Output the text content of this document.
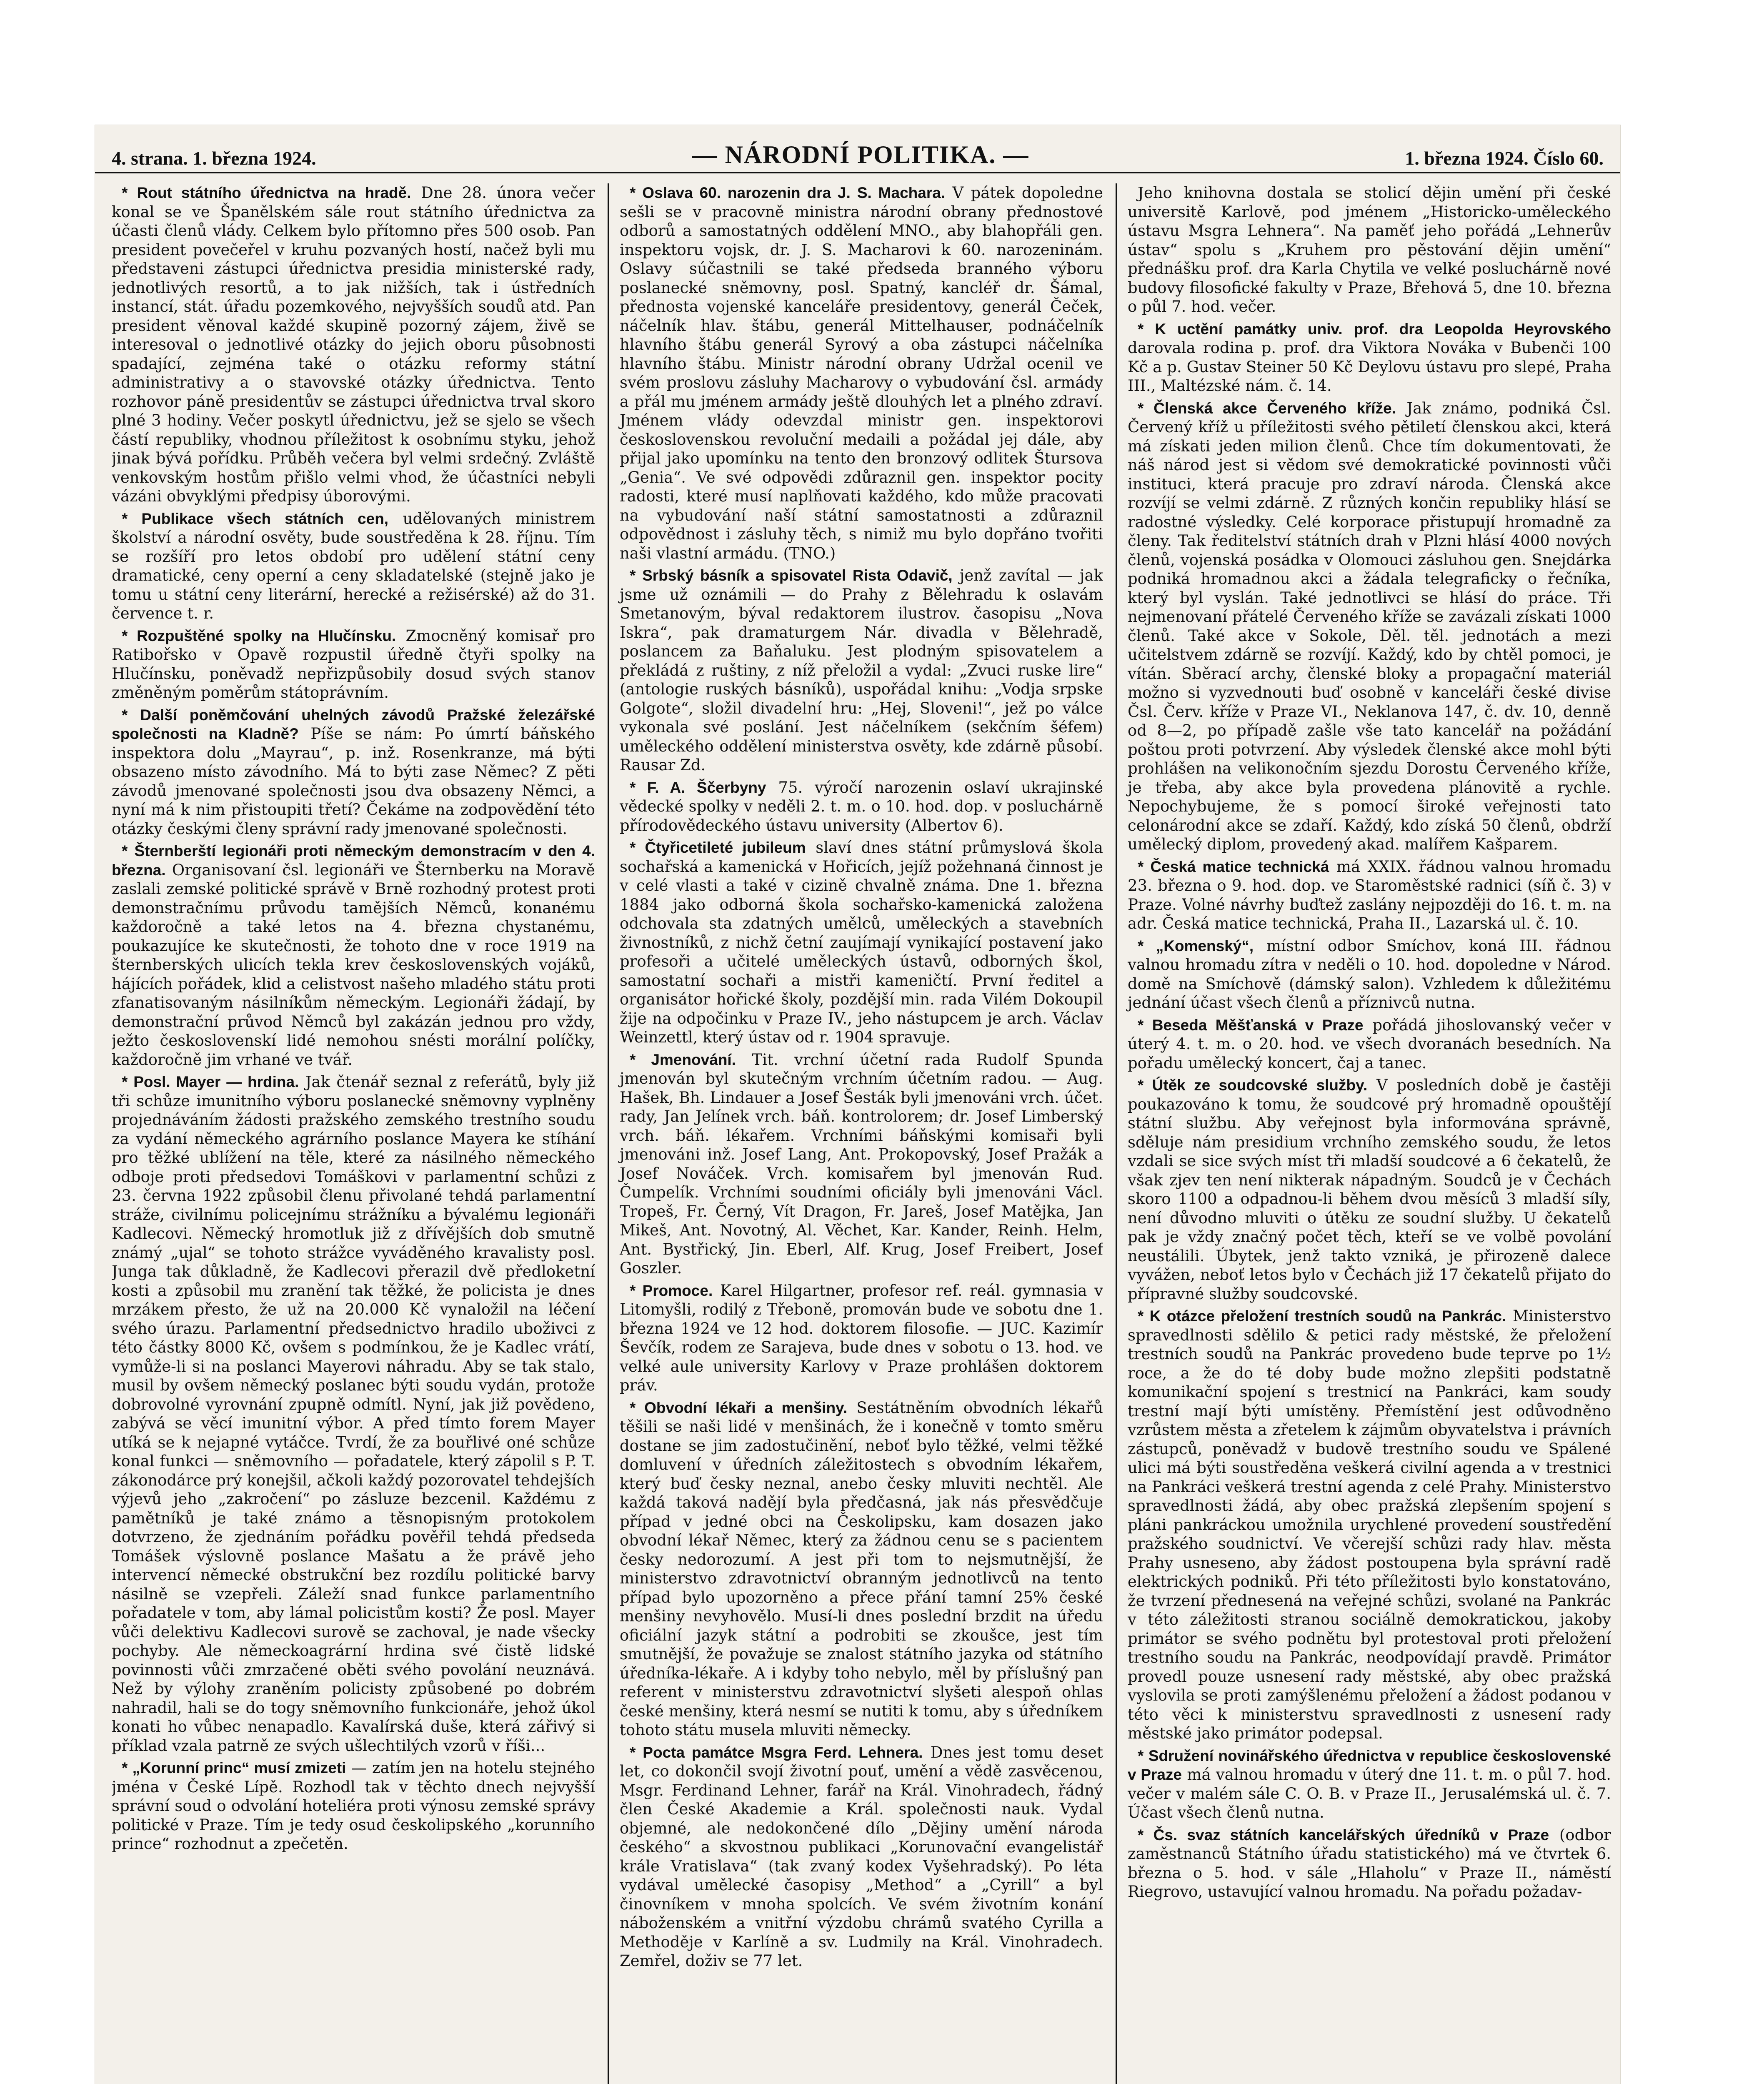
4. strana. 1. března 1924.	— NÁRODNÍ POLITIKA. —	1. března 1924. Číslo 60.

* Rout státního úřednictva na hradě. Dne 28. února večer konal se ve Španělském sále rout státního úřednictva za účasti členů vlády. Celkem bylo přítomno přes 500 osob. Pan president povečeřel v kruhu pozvaných hostí, načež byli mu představeni zástupci úřednictva presidia ministerské rady, jednotlivých resortů, a to jak nižších, tak i ústředních instancí, stát. úřadu pozemkového, nejvyšších soudů atd. Pan president věnoval každé skupině pozorný zájem, živě se interesoval o jednotlivé otázky do jejich oboru působnosti spadající, zejména také o otázku reformy státní administrativy a o stavovské otázky úřednictva. Tento rozhovor páně presidentův se zástupci úřednictva trval skoro plné 3 hodiny. Večer poskytl úřednictvu, jež se sjelo se všech částí republiky, vhodnou příležitost k osobnímu styku, jehož jinak bývá pořídku. Průběh večera byl velmi srdečný. Zvláště venkovským hostům přišlo velmi vhod, že účastníci nebyli vázáni obvyklými předpisy úborovými.

* Publikace všech státních cen, udělovaných ministrem školství a národní osvěty, bude soustředěna k 28. říjnu. Tím se rozšíří pro letos období pro udělení státní ceny dramatické, ceny operní a ceny skladatelské (stejně jako je tomu u státní ceny literární, herecké a režisérské) až do 31. července t. r.

* Rozpuštěné spolky na Hlučínsku. Zmocněný komisař pro Ratibořsko v Opavě rozpustil úředně čtyři spolky na Hlučínsku, poněvadž nepřizpůsobily dosud svých stanov změněným poměrům státoprávním.

* Další poněmčování uhelných závodů Pražské železářské společnosti na Kladně? Píše se nám: Po úmrtí báňského inspektora dolu „Mayrau“, p. inž. Rosenkranze, má býti obsazeno místo závodního. Má to býti zase Němec? Z pěti závodů jmenované společnosti jsou dva obsazeny Němci, a nyní má k nim přistoupiti třetí? Čekáme na zodpovědění této otázky českými členy správní rady jmenované společnosti.

* Šternberští legionáři proti německým demonstracím v den 4. března. Organisovaní čsl. legionáři ve Šternberku na Moravě zaslali zemské politické správě v Brně rozhodný protest proti demonstračnímu průvodu tamějších Němců, konanému každoročně a také letos na 4. března chystanému, poukazujíce ke skutečnosti, že tohoto dne v roce 1919 na šternberských ulicích tekla krev československých vojáků, hájících pořádek, klid a celistvost našeho mladého státu proti zfanatisovaným násilníkům německým. Legionáři žádají, by demonstrační průvod Němců byl zakázán jednou pro vždy, ježto československí lidé nemohou snésti morální políčky, každoročně jim vrhané ve tvář.

* Posl. Mayer — hrdina. Jak čtenář seznal z referátů, byly již tři schůze imunitního výboru poslanecké sněmovny vyplněny projednáváním žádosti pražského zemského trestního soudu za vydání německého agrárního poslance Mayera ke stíhání pro těžké ublížení na těle, které za násilného německého odboje proti předsedovi Tomáškovi v parlamentní schůzi z 23. června 1922 způsobil členu přivolané tehdá parlamentní stráže, civilnímu policejnímu strážníku a bývalému legionáři Kadlecovi. Německý hromotluk již z dřívějších dob smutně známý „ujal“ se tohoto strážce vyváděného kravalisty posl. Junga tak důkladně, že Kadlecovi přerazil dvě předloketní kosti a způsobil mu zranění tak těžké, že policista je dnes mrzákem přesto, že už na 20.000 Kč vynaložil na léčení svého úrazu. Parlamentní předsednictvo hradilo uboživci z této částky 8000 Kč, ovšem s podmínkou, že je Kadlec vrátí, vymůže-li si na poslanci Mayerovi náhradu. Aby se tak stalo, musil by ovšem německý poslanec býti soudu vydán, protože dobrovolné vyrovnání zpupně odmítl. Nyní, jak již povědeno, zabývá se věcí imunitní výbor. A před tímto forem Mayer utíká se k nejapné vytáčce. Tvrdí, že za bouřlivé oné schůze konal funkci — sněmovního — pořadatele, který zápolil s P. T. zákonodárce prý konejšil, ačkoli každý pozorovatel tehdejších výjevů jeho „zakročení“ po zásluze bezcenil. Každému z pamětníků je také známo a těsnopisným protokolem dotvrzeno, že zjednáním pořádku pověřil tehdá předseda Tomášek výslovně poslance Mašatu a že právě jeho intervencí německé obstrukční bez rozdílu politické barvy násilně se vzepřeli. Záleží snad funkce parlamentního pořadatele v tom, aby lámal policistům kosti? Že posl. Mayer vůči delektivu Kadlecovi surově se zachoval, je nade všecky pochyby. Ale německoagrární hrdina své čistě lidské povinnosti vůči zmrzačené oběti svého povolání neuznává. Než by výlohy zraněním policisty způsobené po dobrém nahradil, hali se do togy sněmovního funkcionáře, jehož úkol konati ho vůbec nenapadlo. Kavalírská duše, která zářivý si příklad vzala patrně ze svých ušlechtilých vzorů v říši...

* „Korunní princ“ musí zmizeti — zatím jen na hotelu stejného jména v České Lípě. Rozhodl tak v těchto dnech nejvyšší správní soud o odvolání hoteliéra proti výnosu zemské správy politické v Praze. Tím je tedy osud českolipského „korunního prince“ rozhodnut a zpečetěn.

* Oslava 60. narozenin dra J. S. Machara. V pátek dopoledne sešli se v pracovně ministra národní obrany přednostové odborů a samostatných oddělení MNO., aby blahopřáli gen. inspektoru vojsk, dr. J. S. Macharovi k 60. narozeninám. Oslavy súčastnili se také předseda branného výboru poslanecké sněmovny, posl. Spatný, kancléř dr. Šámal, přednosta vojenské kanceláře presidentovy, generál Čeček, náčelník hlav. štábu, generál Mittelhauser, podnáčelník hlavního štábu generál Syrový a oba zástupci náčelníka hlavního štábu. Ministr národní obrany Udržal ocenil ve svém proslovu zásluhy Macharovy o vybudování čsl. armády a přál mu jménem armády ještě dlouhých let a plného zdraví. Jménem vlády odevzdal ministr gen. inspektorovi československou revoluční medaili a požádal jej dále, aby přijal jako upomínku na tento den bronzový odlitek Štursova „Genia“. Ve své odpovědi zdůraznil gen. inspektor pocity radosti, které musí naplňovati každého, kdo může pracovati na vybudování naší státní samostatnosti a zdůraznil odpovědnost i zásluhy těch, s nimiž mu bylo dopřáno tvořiti naši vlastní armádu. (TNO.)

* Srbský básník a spisovatel Rista Odavič, jenž zavítal — jak jsme už oznámili — do Prahy z Bělehradu k oslavám Smetanovým, býval redaktorem ilustrov. časopisu „Nova Iskra“, pak dramaturgem Nár. divadla v Bělehradě, poslancem za Baňaluku. Jest plodným spisovatelem a překládá z ruštiny, z níž přeložil a vydal: „Zvuci ruske lire“ (antologie ruských básníků), uspořádal knihu: „Vodja srpske Golgote“, složil divadelní hru: „Hej, Sloveni!“, jež po válce vykonala své poslání. Jest náčelníkem (sekčním šéfem) uměleckého oddělení ministerstva osvěty, kde zdárně působí. Rausar Zd.

* F. A. Ščerbyny 75. výročí narozenin oslaví ukrajinské vědecké spolky v neděli 2. t. m. o 10. hod. dop. v posluchárně přírodovědeckého ústavu university (Albertov 6).

* Čtyřicetileté jubileum slaví dnes státní průmyslová škola sochařská a kamenická v Hořicích, jejíž požehnaná činnost je v celé vlasti a také v cizině chvalně známa. Dne 1. března 1884 jako odborná škola sochařsko-kamenická založena odchovala sta zdatných umělců, uměleckých a stavebních živnostníků, z nichž četní zaujímají vynikající postavení jako profesoři a učitelé uměleckých ústavů, odborných škol, samostatní sochaři a mistři kameničtí. První ředitel a organisátor hořické školy, pozdější min. rada Vilém Dokoupil žije na odpočinku v Praze IV., jeho nástupcem je arch. Václav Weinzettl, který ústav od r. 1904 spravuje.

* Jmenování. Tit. vrchní účetní rada Rudolf Spunda jmenován byl skutečným vrchním účetním radou. — Aug. Hašek, Bh. Lindauer a Josef Šesták byli jmenováni vrch. účet. rady, Jan Jelínek vrch. báň. kontrolorem; dr. Josef Limberský vrch. báň. lékařem. Vrchními báňskými komisaři byli jmenováni inž. Josef Lang, Ant. Prokopovský, Josef Pražák a Josef Nováček. Vrch. komisařem byl jmenován Rud. Čumpelík. Vrchními soudními oficiály byli jmenováni Václ. Tropeš, Fr. Černý, Vít Dragon, Fr. Jareš, Josef Matějka, Jan Mikeš, Ant. Novotný, Al. Věchet, Kar. Kander, Reinh. Helm, Ant. Bystřický, Jin. Eberl, Alf. Krug, Josef Freibert, Josef Goszler.

* Promoce. Karel Hilgartner, profesor ref. reál. gymnasia v Litomyšli, rodilý z Třeboně, promován bude ve sobotu dne 1. března 1924 ve 12 hod. doktorem filosofie. — JUC. Kazimír Ševčík, rodem ze Sarajeva, bude dnes v sobotu o 13. hod. ve velké aule university Karlovy v Praze prohlášen doktorem práv.

* Obvodní lékaři a menšiny. Sestátněním obvodních lékařů těšili se naši lidé v menšinách, že i konečně v tomto směru dostane se jim zadostučinění, neboť bylo těžké, velmi těžké domluvení v úředních záležitostech s obvodním lékařem, který buď česky neznal, anebo česky mluviti nechtěl. Ale každá taková nadějí byla předčasná, jak nás přesvědčuje případ v jedné obci na Českolipsku, kam dosazen jako obvodní lékař Němec, který za žádnou cenu se s pacientem česky nedorozumí. A jest při tom to nejsmutnější, že ministerstvo zdravotnictví obranným jednotlivců na tento případ bylo upozorněno a přece přání tamní 25% české menšiny nevyhovělo. Musí-li dnes poslední brzdit na úředu oficiální jazyk státní a podrobiti se zkoušce, jest tím smutnější, že považuje se znalost státního jazyka od státního úředníka-lékaře. A i kdyby toho nebylo, měl by příslušný pan referent v ministerstvu zdravotnictví slyšeti alespoň ohlas české menšiny, která nesmí se nutiti k tomu, aby s úředníkem tohoto státu musela mluviti německy.

* Pocta památce Msgra Ferd. Lehnera. Dnes jest tomu deset let, co dokončil svojí životní pouť, umění a vědě zasvěcenou, Msgr. Ferdinand Lehner, farář na Král. Vinohradech, řádný člen České Akademie a Král. společnosti nauk. Vydal objemné, ale nedokončené dílo „Dějiny umění národa českého“ a skvostnou publikaci „Korunovační evangelistář krále Vratislava“ (tak zvaný kodex Vyšehradský). Po léta vydával umělecké časopisy „Method“ a „Cyrill“ a byl činovníkem v mnoha spolcích. Ve svém životním konání náboženském a vnitřní výzdobu chrámů svatého Cyrilla a Methoděje v Karlíně a sv. Ludmily na Král. Vinohradech. Zemřel, doživ se 77 let.

Jeho knihovna dostala se stolicí dějin umění při české universitě Karlově, pod jménem „Historicko-uměleckého ústavu Msgra Lehnera“. Na paměť jeho pořádá „Lehnerův ústav“ spolu s „Kruhem pro pěstování dějin umění“ přednášku prof. dra Karla Chytila ve velké posluchárně nové budovy filosofické fakulty v Praze, Břehová 5, dne 10. března o půl 7. hod. večer.

* K uctění památky univ. prof. dra Leopolda Heyrovského darovala rodina p. prof. dra Viktora Nováka v Bubenči 100 Kč a p. Gustav Steiner 50 Kč Deylovu ústavu pro slepé, Praha III., Maltézské nám. č. 14.

* Členská akce Červeného kříže. Jak známo, podniká Čsl. Červený kříž u příležitosti svého pětiletí členskou akci, která má získati jeden milion členů. Chce tím dokumentovati, že náš národ jest si vědom své demokratické povinnosti vůči instituci, která pracuje pro zdraví národa. Členská akce rozvíjí se velmi zdárně. Z různých končin republiky hlásí se radostné výsledky. Celé korporace přistupují hromadně za členy. Tak ředitelství státních drah v Plzni hlásí 4000 nových členů, vojenská posádka v Olomouci zásluhou gen. Snejdárka podniká hromadnou akci a žádala telegraficky o řečníka, který byl vyslán. Také jednotlivci se hlásí do práce. Tři nejmenovaní přátelé Červeného kříže se zavázali získati 1000 členů. Také akce v Sokole, Děl. těl. jednotách a mezi učitelstvem zdárně se rozvíjí. Každý, kdo by chtěl pomoci, je vítán. Sběrací archy, členské bloky a propagační materiál možno si vyzvednouti buď osobně v kanceláři české divise Čsl. Červ. kříže v Praze VI., Neklanova 147, č. dv. 10, denně od 8—2, po případě zašle vše tato kancelář na požádání poštou proti potvrzení. Aby výsledek členské akce mohl býti prohlášen na velikonočním sjezdu Dorostu Červeného kříže, je třeba, aby akce byla provedena plánovitě a rychle. Nepochybujeme, že s pomocí široké veřejnosti tato celonárodní akce se zdaří. Každý, kdo získá 50 členů, obdrží umělecký diplom, provedený akad. malířem Kašparem.

* Česká matice technická má XXIX. řádnou valnou hromadu 23. března o 9. hod. dop. ve Staroměstské radnici (síň č. 3) v Praze. Volné návrhy buďtež zaslány nejpozději do 16. t. m. na adr. Česká matice technická, Praha II., Lazarská ul. č. 10.

* „Komenský“, místní odbor Smíchov, koná III. řádnou valnou hromadu zítra v neděli o 10. hod. dopoledne v Národ. domě na Smíchově (dámský salon). Vzhledem k důležitému jednání účast všech členů a příznivců nutna.

* Beseda Měšťanská v Praze pořádá jihoslovanský večer v úterý 4. t. m. o 20. hod. ve všech dvoranách besedních. Na pořadu umělecký koncert, čaj a tanec.

* Útěk ze soudcovské služby. V posledních době je častěji poukazováno k tomu, že soudcové prý hromadně opouštějí státní službu. Aby veřejnost byla informována správně, sděluje nám presidium vrchního zemského soudu, že letos vzdali se sice svých míst tři mladší soudcové a 6 čekatelů, že však zjev ten není nikterak nápadným. Soudců je v Čechách skoro 1100 a odpadnou-li během dvou měsíců 3 mladší síly, není důvodno mluviti o útěku ze soudní služby. U čekatelů pak je vždy značný počet těch, kteří se ve volbě povolání neustálili. Úbytek, jenž takto vzniká, je přirozeně dalece vyvážen, neboť letos bylo v Čechách již 17 čekatelů přijato do přípravné služby soudcovské.

* K otázce přeložení trestních soudů na Pankrác. Ministerstvo spravedlnosti sdělilo & petici rady městské, že přeložení trestních soudů na Pankrác provedeno bude teprve po 1½ roce, a že do té doby bude možno zlepšiti podstatně komunikační spojení s trestnicí na Pankráci, kam soudy trestní mají býti umístěny. Přemístění jest odůvodněno vzrůstem města a zřetelem k zájmům obyvatelstva i právních zástupců, poněvadž v budově trestního soudu ve Spálené ulici má býti soustředěna veškerá civilní agenda a v trestnici na Pankráci veškerá trestní agenda z celé Prahy. Ministerstvo spravedlnosti žádá, aby obec pražská zlepšením spojení s pláni pankráckou umožnila urychlené provedení soustředění pražského soudnictví. Ve včerejší schůzi rady hlav. města Prahy usneseno, aby žádost postoupena byla správní radě elektrických podniků. Při této příležitosti bylo konstatováno, že tvrzení přednesená na veřejné schůzi, svolané na Pankrác v této záležitosti stranou sociálně demokratickou, jakoby primátor se svého podnětu byl protestoval proti přeložení trestního soudu na Pankrác, neodpovídají pravdě. Primátor provedl pouze usnesení rady městské, aby obec pražská vyslovila se proti zamýšlenému přeložení a žádost podanou v této věci k ministerstvu spravedlnosti z usnesení rady městské jako primátor podepsal.

* Sdružení novinářského úřednictva v republice československé v Praze má valnou hromadu v úterý dne 11. t. m. o půl 7. hod. večer v malém sále C. O. B. v Praze II., Jerusalémská ul. č. 7. Účast všech členů nutna.

* Čs. svaz státních kancelářských úředníků v Praze (odbor zaměstnanců Státního úřadu statistického) má ve čtvrtek 6. března o 5. hod. v sále „Hlaholu“ v Praze II., náměstí Riegrovo, ustavující valnou hromadu. Na pořadu požadav-
